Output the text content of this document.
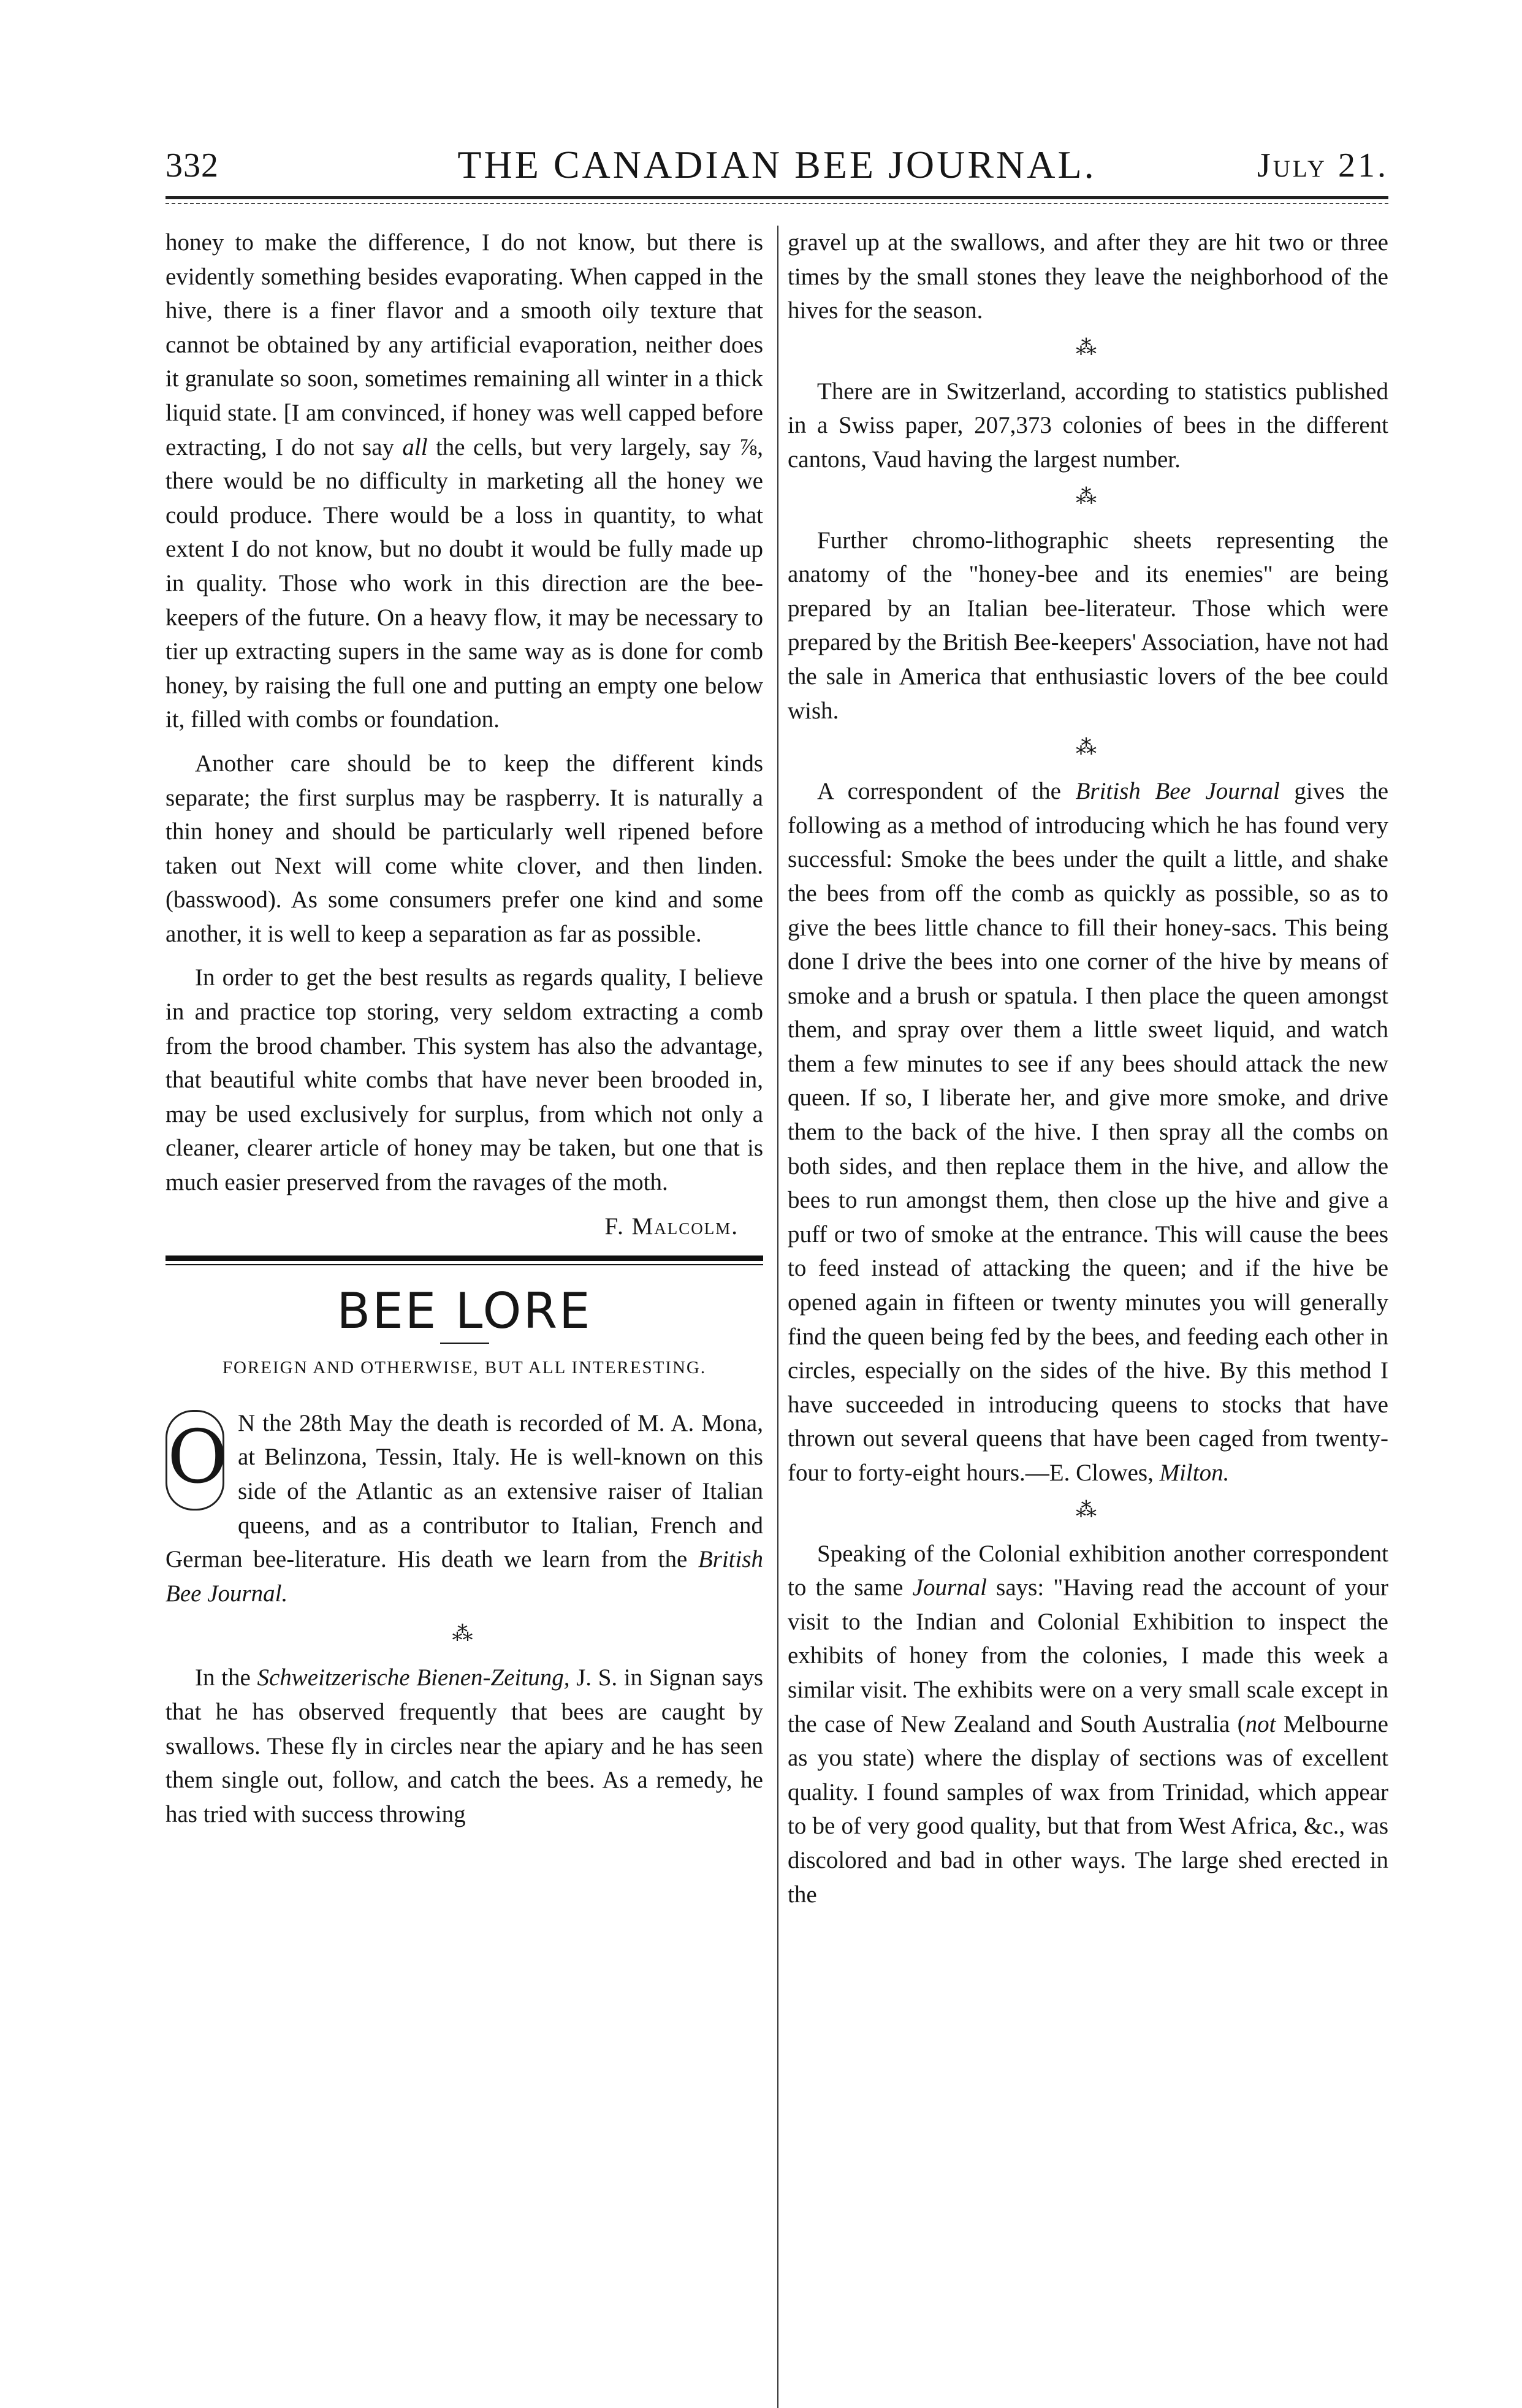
332	THE CANADIAN BEE JOURNAL.	July 21.

honey to make the difference, I do not know, but there is evidently something besides evaporating. When capped in the hive, there is a finer flavor and a smooth oily texture that cannot be obtained by any artificial evaporation, neither does it granulate so soon, sometimes remaining all winter in a thick liquid state. [I am convinced, if honey was well capped before extracting, I do not say all the cells, but very largely, say ⅞, there would be no difficulty in marketing all the honey we could produce. There would be a loss in quantity, to what extent I do not know, but no doubt it would be fully made up in quality. Those who work in this direction are the bee-keepers of the future. On a heavy flow, it may be necessary to tier up extracting supers in the same way as is done for comb honey, by raising the full one and putting an empty one below it, filled with combs or foundation.

Another care should be to keep the different kinds separate; the first surplus may be raspberry. It is naturally a thin honey and should be particularly well ripened before taken out Next will come white clover, and then linden. (basswood). As some consumers prefer one kind and some another, it is well to keep a separation as far as possible.

In order to get the best results as regards quality, I believe in and practice top storing, very seldom extracting a comb from the brood chamber. This system has also the advantage, that beautiful white combs that have never been brooded in, may be used exclusively for surplus, from which not only a cleaner, clearer article of honey may be taken, but one that is much easier preserved from the ravages of the moth.

F. Malcolm.
BEE LORE
FOREIGN AND OTHERWISE, BUT ALL INTERESTING.

O N the 28th May the death is recorded of M. A. Mona, at Belinzona, Tessin, Italy. He is well-known on this side of the Atlantic as an extensive raiser of Italian queens, and as a contributor to Italian, French and German bee-literature. His death we learn from the British Bee Journal.

⁂

In the Schweitzerische Bienen-Zeitung, J. S. in Signan says that he has observed frequently that bees are caught by swallows. These fly in circles near the apiary and he has seen them single out, follow, and catch the bees. As a remedy, he has tried with success throwing

gravel up at the swallows, and after they are hit two or three times by the small stones they leave the neighborhood of the hives for the season.

⁂

There are in Switzerland, according to statistics published in a Swiss paper, 207,373 colonies of bees in the different cantons, Vaud having the largest number.

⁂

Further chromo-lithographic sheets representing the anatomy of the "honey-bee and its enemies" are being prepared by an Italian bee-literateur. Those which were prepared by the British Bee-keepers' Association, have not had the sale in America that enthusiastic lovers of the bee could wish.

⁂

A correspondent of the British Bee Journal gives the following as a method of introducing which he has found very successful: Smoke the bees under the quilt a little, and shake the bees from off the comb as quickly as possible, so as to give the bees little chance to fill their honey-sacs. This being done I drive the bees into one corner of the hive by means of smoke and a brush or spatula. I then place the queen amongst them, and spray over them a little sweet liquid, and watch them a few minutes to see if any bees should attack the new queen. If so, I liberate her, and give more smoke, and drive them to the back of the hive. I then spray all the combs on both sides, and then replace them in the hive, and allow the bees to run amongst them, then close up the hive and give a puff or two of smoke at the entrance. This will cause the bees to feed instead of attacking the queen; and if the hive be opened again in fifteen or twenty minutes you will generally find the queen being fed by the bees, and feeding each other in circles, especially on the sides of the hive. By this method I have succeeded in introducing queens to stocks that have thrown out several queens that have been caged from twenty-four to forty-eight hours.—E. Clowes, Milton.

⁂

Speaking of the Colonial exhibition another correspondent to the same Journal says: "Having read the account of your visit to the Indian and Colonial Exhibition to inspect the exhibits of honey from the colonies, I made this week a similar visit. The exhibits were on a very small scale except in the case of New Zealand and South Australia (not Melbourne as you state) where the display of sections was of excellent quality. I found samples of wax from Trinidad, which appear to be of very good quality, but that from West Africa, &c., was discolored and bad in other ways. The large shed erected in the
